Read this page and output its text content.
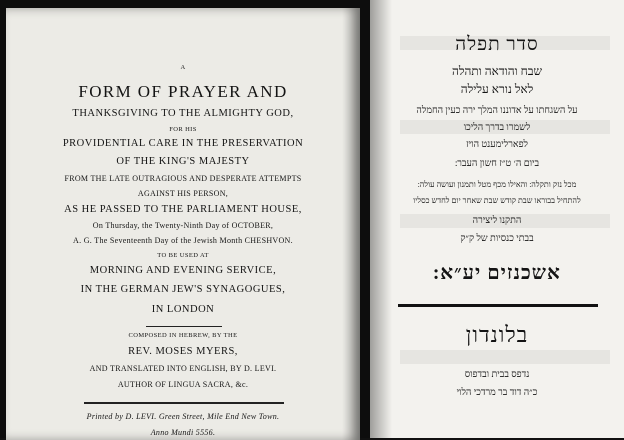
A
FORM OF PRAYER AND
THANKSGIVING TO THE ALMIGHTY GOD,
FOR HIS
PROVIDENTIAL CARE IN THE PRESERVATION
OF THE KING'S MAJESTY
FROM THE LATE OUTRAGIOUS AND DESPERATE ATTEMPTS
AGAINST HIS PERSON,
AS HE PASSED TO THE PARLIAMENT HOUSE,
On Thursday, the Twenty-Ninth Day of OCTOBER,
A. G. The Seventeenth Day of the Jewish Month CHESHVON.
TO BE USED AT
MORNING AND EVENING SERVICE,
IN THE GERMAN JEW'S SYNAGOGUES,
IN LONDON
COMPOSED IN HEBREW, BY THE
REV. MOSES MYERS,
AND TRANSLATED INTO ENGLISH, BY D. LEVI.
AUTHOR OF LINGUA SACRA, &c.
Printed by D. LEVI. Green Street, Mile End New Town.
Anno Mundi 5556.
סדר תפלה
שבח והודאה ותהלה
לאל נורא עלילה
על השגחתו על אדוננו המלך ירה כעין החמלה
לשמרו בדרך הליכו
לפארלימענט הויז
ביום ה׳ ט״ז חשון העבר ׃
מכל נזק ותקלה ׃ והאילו מכף מטל ותמנון ועושה עולה ׃
להתחיל בבוראו שבת קודש שבת שאחר יום לחדש כסליו
התקנו ליצירה
בבתי כנסיות של ק״ק
אשכנזים יע״א ׃
בלונדון
נדפס בבית ובדפוס
כ״ה דוד בר מרדכי הלוי
